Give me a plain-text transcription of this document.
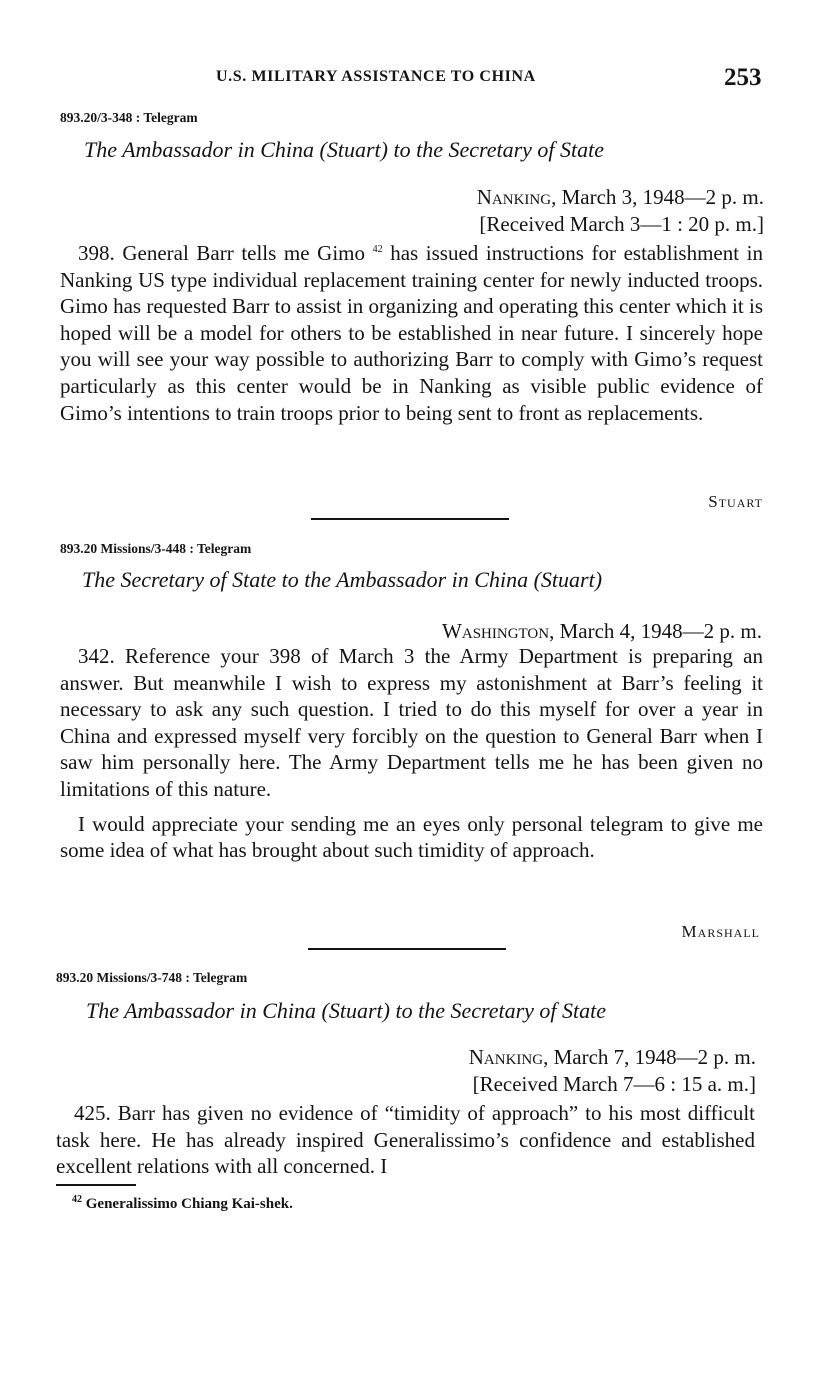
U.S. MILITARY ASSISTANCE TO CHINA	253
893.20/3-348 : Telegram
The Ambassador in China (Stuart) to the Secretary of State
Nanking, March 3, 1948—2 p. m.
[Received March 3—1 : 20 p. m.]

398. General Barr tells me Gimo $^{42}$ has issued instructions for establishment in Nanking US type individual replacement training center for newly inducted troops. Gimo has requested Barr to assist in organizing and operating this center which it is hoped will be a model for others to be established in near future. I sincerely hope you will see your way possible to authorizing Barr to comply with Gimo’s request particularly as this center would be in Nanking as visible public evidence of Gimo’s intentions to train troops prior to being sent to front as replacements.

Stuart
893.20 Missions/3-448 : Telegram
The Secretary of State to the Ambassador in China (Stuart)
Washington, March 4, 1948—2 p. m.

342. Reference your 398 of March 3 the Army Department is preparing an answer. But meanwhile I wish to express my astonishment at Barr’s feeling it necessary to ask any such question. I tried to do this myself for over a year in China and expressed myself very forcibly on the question to General Barr when I saw him personally here. The Army Department tells me he has been given no limitations of this nature.

I would appreciate your sending me an eyes only personal telegram to give me some idea of what has brought about such timidity of approach.

Marshall
893.20 Missions/3-748 : Telegram
The Ambassador in China (Stuart) to the Secretary of State
Nanking, March 7, 1948—2 p. m.
[Received March 7—6 : 15 a. m.]

425. Barr has given no evidence of “timidity of approach” to his most difficult task here. He has already inspired Generalissimo’s confidence and established excellent relations with all concerned. I

$^{42}$ Generalissimo Chiang Kai-shek.
